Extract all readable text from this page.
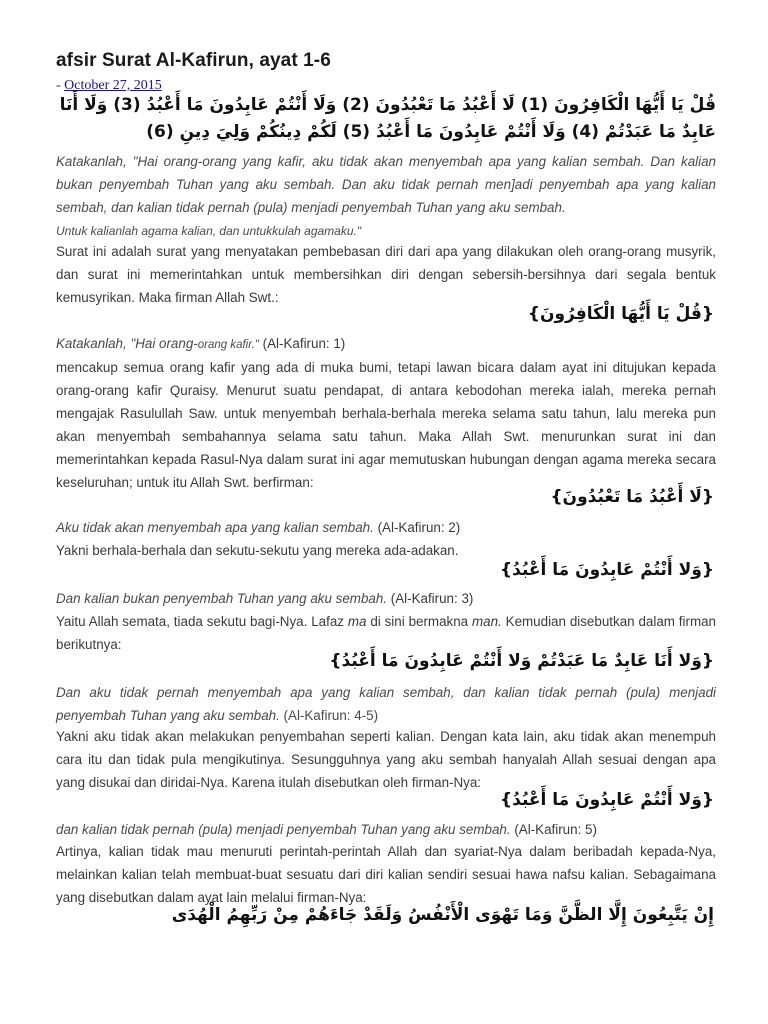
afsir Surat Al-Kafirun, ayat 1-6
- October 27, 2015
قُلْ يَا أَيُّهَا الْكَافِرُونَ (1) لَا أَعْبُدُ مَا تَعْبُدُونَ (2) وَلَا أَنْتُمْ عَابِدُونَ مَا أَعْبُدُ (3) وَلَا أَنَا عَابِدٌ مَا عَبَدْتُمْ (4) وَلَا أَنْتُمْ عَابِدُونَ مَا أَعْبُدُ (5) لَكُمْ دِينُكُمْ وَلِيَ دِينِ (6)
Katakanlah, "Hai orang-orang yang kafir, aku tidak akan menyembah apa yang kalian sembah. Dan kalian bukan penyembah Tuhan yang aku sembah. Dan aku tidak pernah men]adi penyembah apa yang kalian sembah, dan kalian tidak pernah (pula) menjadi penyembah Tuhan yang aku sembah.
Untuk kalianlah agama kalian, dan untukkulah agamaku."
Surat ini adalah surat yang menyatakan pembebasan diri dari apa yang dilakukan oleh orang-orang musyrik, dan surat ini memerintahkan untuk membersihkan diri dengan sebersih-bersihnya dari segala bentuk kemusyrikan. Maka firman Allah Swt.:
{قُلْ يَا أَيُّهَا الْكَافِرُونَ}
Katakanlah, "Hai orang-orang kafir." (Al-Kafirun: 1)
mencakup semua orang kafir yang ada di muka bumi, tetapi lawan bicara dalam ayat ini ditujukan kepada orang-orang kafir Quraisy. Menurut suatu pendapat, di antara kebodohan mereka ialah, mereka pernah mengajak Rasulullah Saw. untuk menyembah berhala-berhala mereka selama satu tahun, lalu mereka pun akan menyembah sembahannya selama satu tahun. Maka Allah Swt. menurunkan surat ini dan memerintahkan kepada Rasul-Nya dalam surat ini agar memutuskan hubungan dengan agama mereka secara keseluruhan; untuk itu Allah Swt. berfirman:
{لَا أَعْبُدُ مَا تَعْبُدُونَ}
Aku tidak akan menyembah apa yang kalian sembah. (Al-Kafirun: 2)
Yakni berhala-berhala dan sekutu-sekutu yang mereka ada-adakan.
{وَلا أَنْتُمْ عَابِدُونَ مَا أَعْبُدُ}
Dan kalian bukan penyembah Tuhan yang aku sembah. (Al-Kafirun: 3)
Yaitu Allah semata, tiada sekutu bagi-Nya. Lafaz ma di sini bermakna man. Kemudian disebutkan dalam firman berikutnya:
{وَلا أَنَا عَابِدٌ مَا عَبَدْتُمْ وَلا أَنْتُمْ عَابِدُونَ مَا أَعْبُدُ}
Dan aku tidak pernah menyembah apa yang kalian sembah, dan kalian tidak pernah (pula) menjadi penyembah Tuhan yang aku sembah. (Al-Kafirun: 4-5)
Yakni aku tidak akan melakukan penyembahan seperti kalian. Dengan kata lain, aku tidak akan menempuh cara itu dan tidak pula mengikutinya. Sesungguhnya yang aku sembah hanyalah Allah sesuai dengan apa yang disukai dan diridai-Nya. Karena itulah disebutkan oleh firman-Nya:
{وَلا أَنْتُمْ عَابِدُونَ مَا أَعْبُدُ}
dan kalian tidak pernah (pula) menjadi penyembah Tuhan yang aku sembah. (Al-Kafirun: 5)
Artinya, kalian tidak mau menuruti perintah-perintah Allah dan syariat-Nya dalam beribadah kepada-Nya, melainkan kalian telah membuat-buat sesuatu dari diri kalian sendiri sesuai hawa nafsu kalian. Sebagaimana yang disebutkan dalam ayat lain melalui firman-Nya:
إِنْ يَتَّبِعُونَ إِلَّا الظَّنَّ وَمَا تَهْوَى الْأَنْفُسُ وَلَقَدْ جَاءَهُمْ مِنْ رَبِّهِمُ الْهُدَى
